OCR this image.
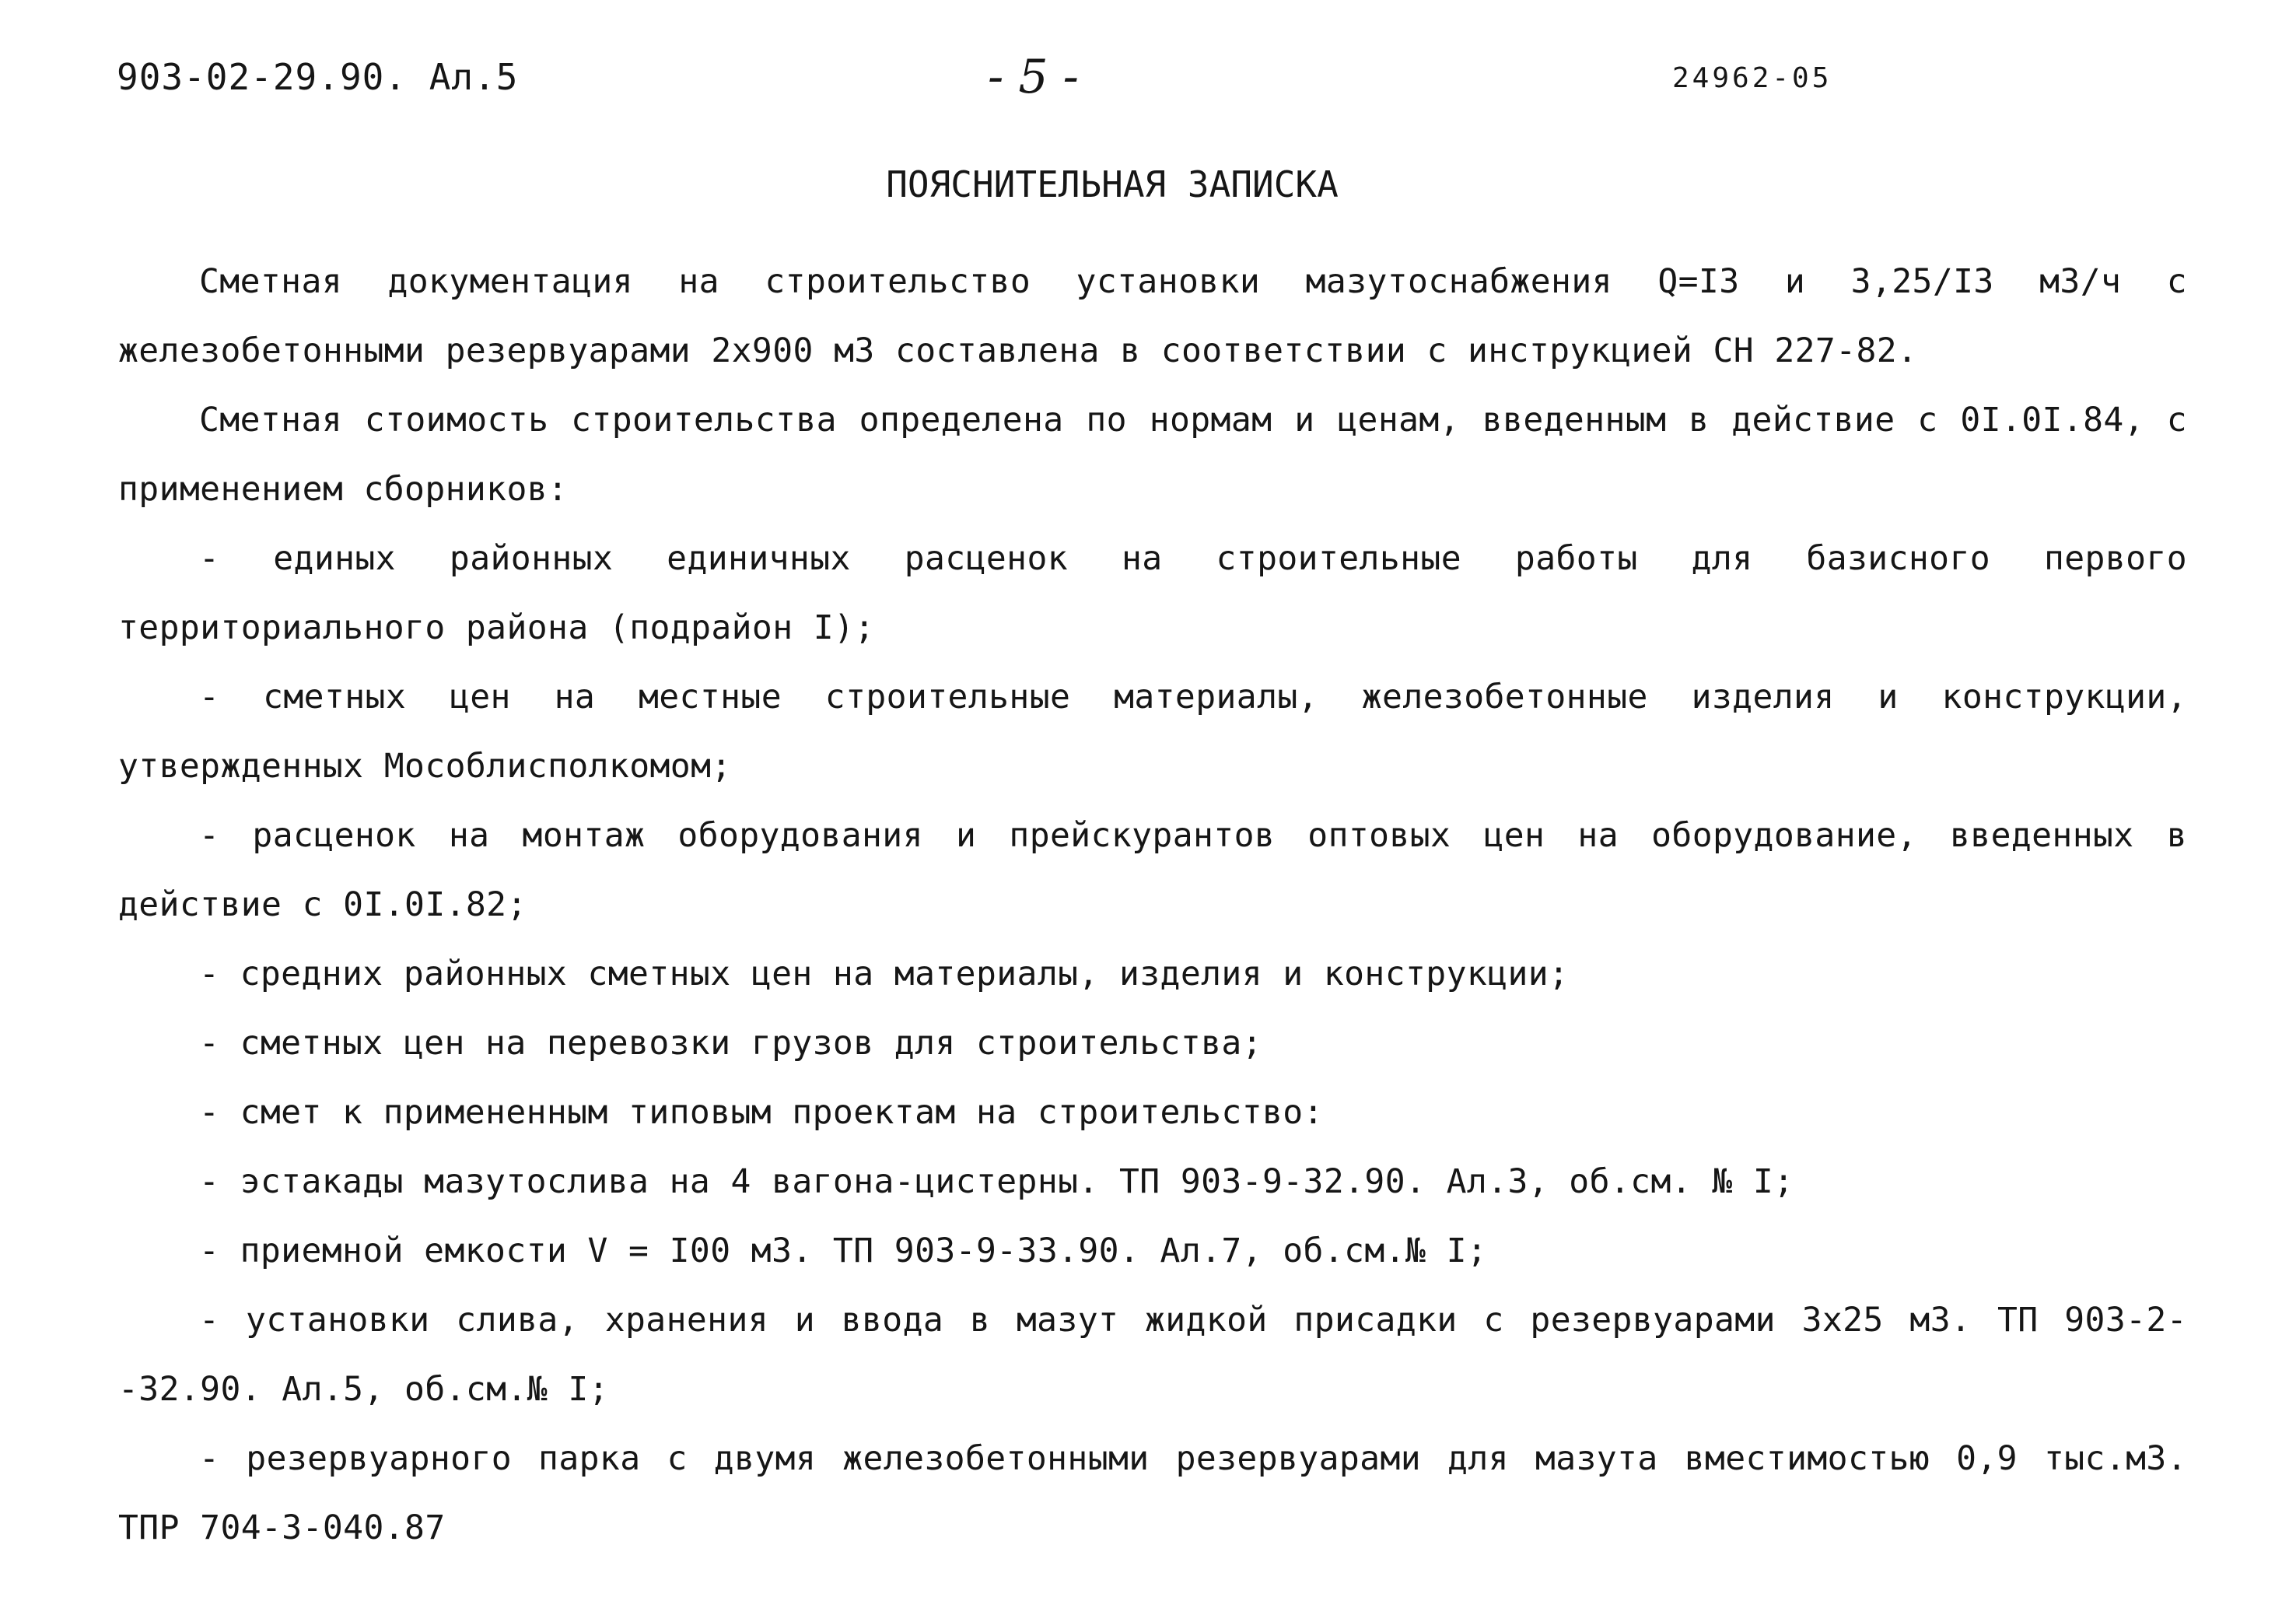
903-02-29.90. Ал.5	- 5 -	24962-05
ПОЯСНИТЕЛЬНАЯ ЗАПИСКА

Сметная документация на строительство установки мазутоснабжения Q=I3 и 3,25/I3 м3/ч с железобетонными резервуарами 2х900 м3 составлена в соответствии с инструкцией СН 227-82.

Сметная стоимость строительства определена по нормам и ценам, введенным в действие с 0I.0I.84, с применением сборников:

- единых районных единичных расценок на строительные работы для базисного первого территориального района (подрайон I);

- сметных цен на местные строительные материалы, железобетонные изделия и конструкции, утвержденных Мособлисполкомом;

- расценок на монтаж оборудования и прейскурантов оптовых цен на оборудование, введенных в действие с 0I.0I.82;

- средних районных сметных цен на материалы, изделия и конструкции;

- сметных цен на перевозки грузов для строительства;

- смет к примененным типовым проектам на строительство:

- эстакады мазутослива на 4 вагона-цистерны. ТП 903-9-32.90. Ал.3, об.см. № I;

- приемной емкости V = I00 м3. ТП 903-9-33.90. Ал.7, об.см.№ I;

- установки слива, хранения и ввода в мазут жидкой присадки с резервуарами 3х25 м3. ТП 903-2--32.90. Ал.5, об.см.№ I;

- резервуарного парка с двумя железобетонными резервуарами для мазута вместимостью 0,9 тыс.м3. ТПР 704-3-040.87
